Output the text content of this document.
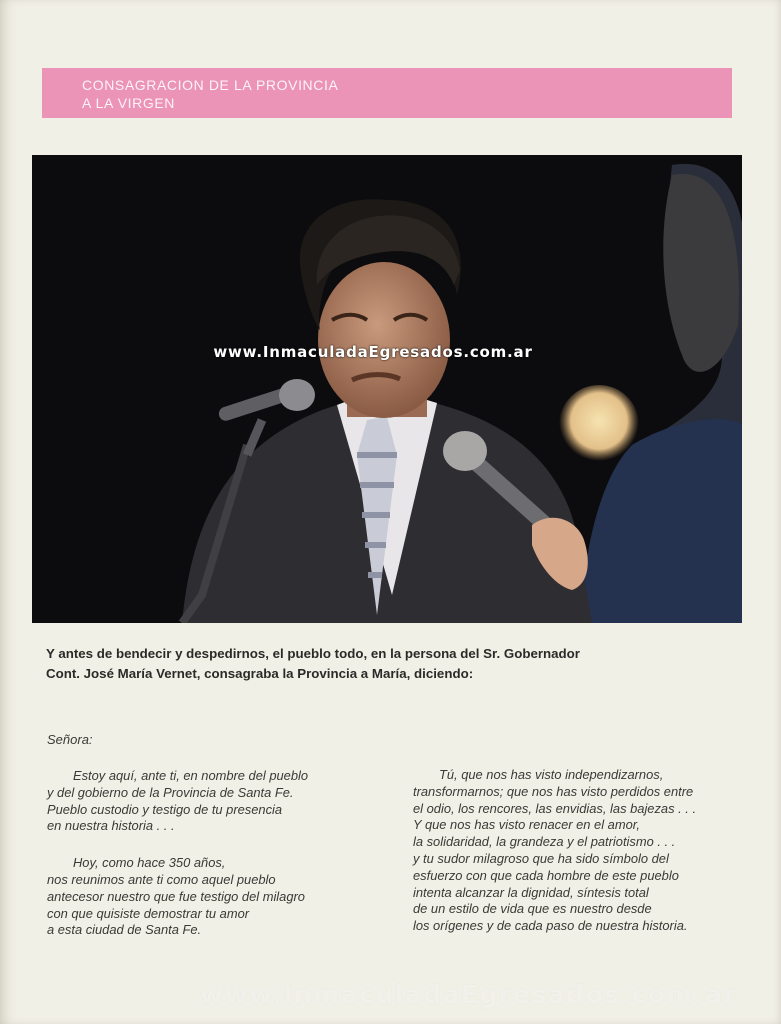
CONSAGRACION DE LA PROVINCIA
A LA VIRGEN
www.InmaculadaEgresados.com.ar
Y antes de bendecir y despedirnos, el pueblo todo, en la persona del Sr. Gobernador
Cont. José María Vernet, consagraba la Provincia a María, diciendo:
Señora:
Estoy aquí, ante ti, en nombre del pueblo
y del gobierno de la Provincia de Santa Fe.
Pueblo custodio y testigo de tu presencia
en nuestra historia . . .
Hoy, como hace 350 años,
nos reunimos ante ti como aquel pueblo
antecesor nuestro que fue testigo del milagro
con que quisiste demostrar tu amor
a esta ciudad de Santa Fe.
Tú, que nos has visto independizarnos,
transformarnos; que nos has visto perdidos entre
el odio, los rencores, las envidias, las bajezas . . .
Y que nos has visto renacer en el amor,
la solidaridad, la grandeza y el patriotismo . . .
y tu sudor milagroso que ha sido símbolo del
esfuerzo con que cada hombre de este pueblo
intenta alcanzar la dignidad, síntesis total
de un estilo de vida que es nuestro desde
los orígenes y de cada paso de nuestra historia.
www.InmaculadaEgresados.com.ar
